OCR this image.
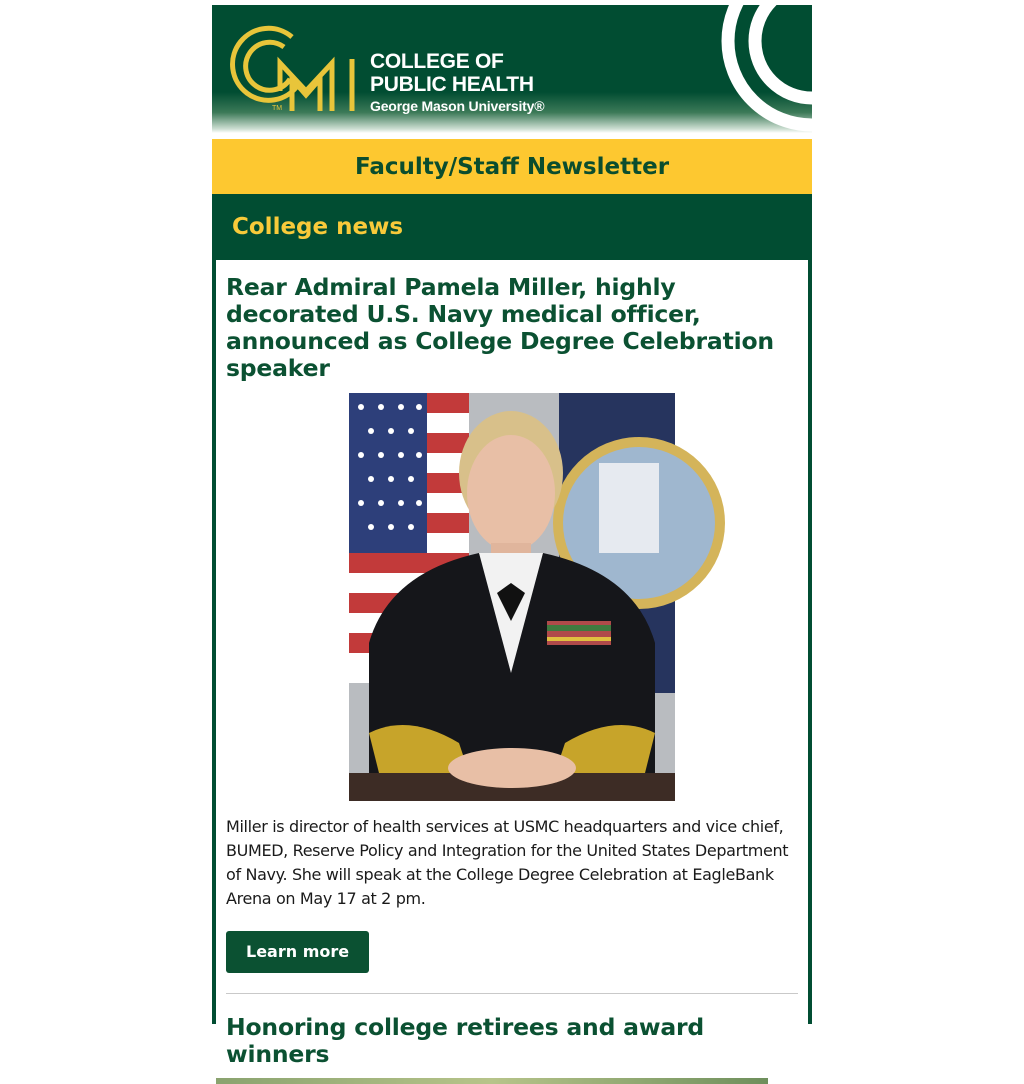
TM
COLLEGE OF
PUBLIC HEALTH
George Mason University®
Faculty/Staff Newsletter
College news
Rear Admiral Pamela Miller, highly decorated U.S. Navy medical officer, announced as College Degree Celebration speaker

Miller is director of health services at USMC headquarters and vice chief, BUMED, Reserve Policy and Integration for the United States Department of Navy. She will speak at the College Degree Celebration at EagleBank Arena on May 17 at 2 pm.

Learn more
Honoring college retirees and award winners
